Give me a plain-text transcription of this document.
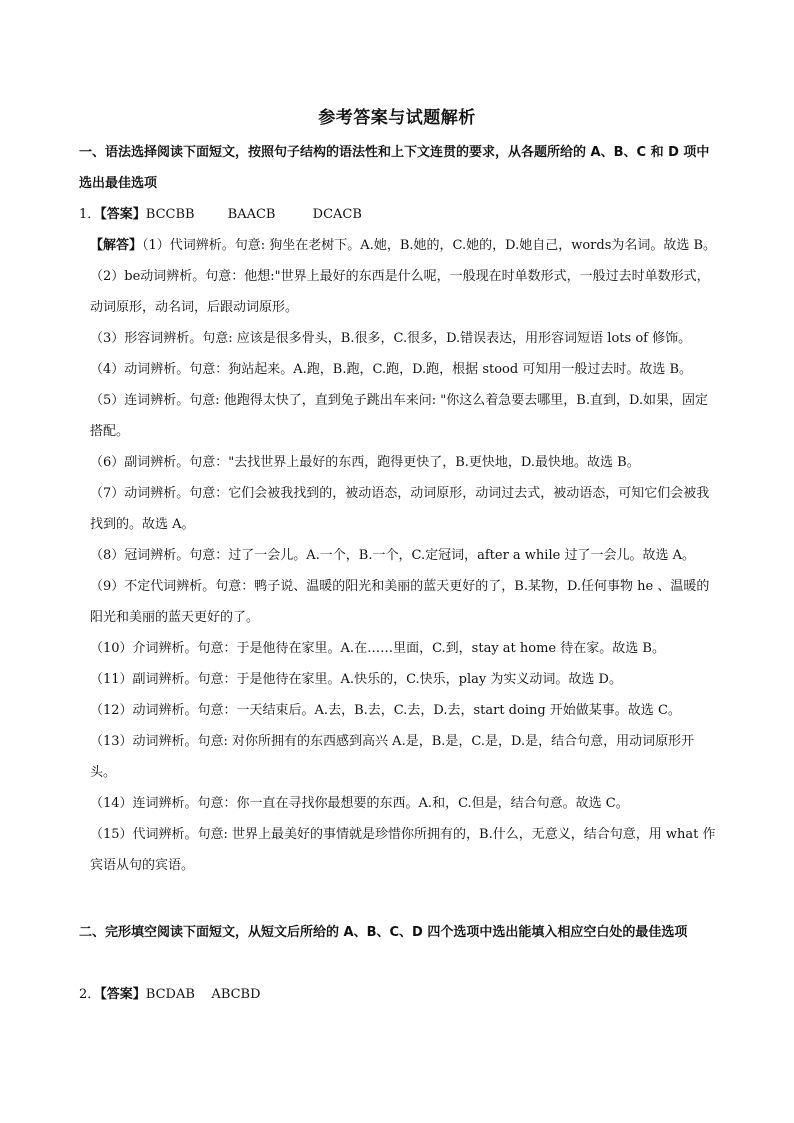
参考答案与试题解析
一、语法选择阅读下面短文，按照句子结构的语法性和上下文连贯的要求，从各题所给的 A、B、C 和 D 项中选出最佳选项
1．【答案】BCCBB        BAACB         DCACB

【解答】（1）代词辨析。句意: 狗坐在老树下。A.她，B.她的，C.她的，D.她自己，words为名词。故选 B。

（2）be动词辨析。句意：他想:"世界上最好的东西是什么呢，一般现在时单数形式，一般过去时单数形式，动词原形，动名词，后跟动词原形。

（3）形容词辨析。句意: 应该是很多骨头，B.很多，C.很多，D.错误表达，用形容词短语 lots of 修饰。

（4）动词辨析。句意：狗站起来。A.跑，B.跑，C.跑，D.跑，根据 stood 可知用一般过去时。故选 B。

（5）连词辨析。句意: 他跑得太快了，直到兔子跳出车来问: "你这么着急要去哪里，B.直到，D.如果，固定搭配。

（6）副词辨析。句意："去找世界上最好的东西，跑得更快了，B.更快地，D.最快地。故选 B。

（7）动词辨析。句意：它们会被我找到的，被动语态，动词原形，动词过去式，被动语态，可知它们会被我找到的。故选 A。

（8）冠词辨析。句意：过了一会儿。A.一个，B.一个，C.定冠词，after a while 过了一会儿。故选 A。

（9）不定代词辨析。句意：鸭子说、温暖的阳光和美丽的蓝天更好的了，B.某物，D.任何事物 he 、温暖的阳光和美丽的蓝天更好的了。

（10）介词辨析。句意：于是他待在家里。A.在……里面，C.到，stay at home 待在家。故选 B。

（11）副词辨析。句意：于是他待在家里。A.快乐的，C.快乐，play 为实义动词。故选 D。

（12）动词辨析。句意：一天结束后。A.去，B.去，C.去，D.去，start doing 开始做某事。故选 C。

（13）动词辨析。句意: 对你所拥有的东西感到高兴 A.是，B.是，C.是，D.是，结合句意，用动词原形开头。

（14）连词辨析。句意：你一直在寻找你最想要的东西。A.和，C.但是，结合句意。故选 C。

（15）代词辨析。句意: 世界上最美好的事情就是珍惜你所拥有的，B.什么，无意义，结合句意，用 what 作宾语从句的宾语。

二、完形填空阅读下面短文，从短文后所给的 A、B、C、D 四个选项中选出能填入相应空白处的最佳选项
2．【答案】BCDAB    ABCBD
